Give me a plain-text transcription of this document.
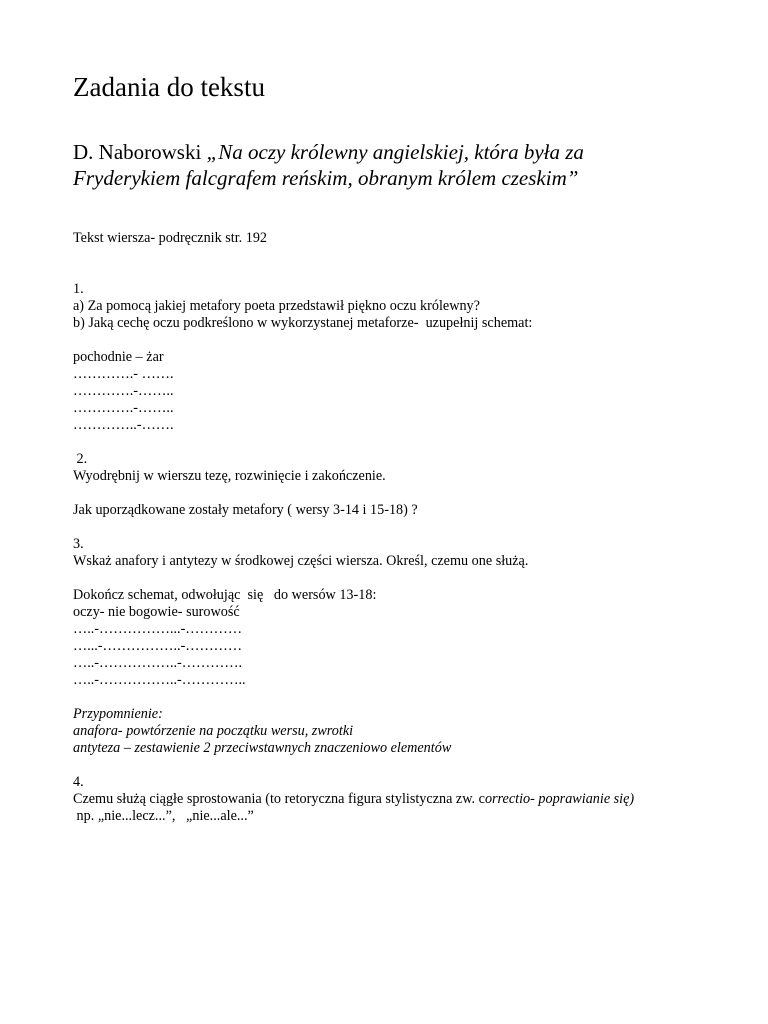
Zadania do tekstu
D. Naborowski „Na oczy królewny angielskiej, która była za
Fryderykiem falcgrafem reńskim, obranym królem czeskim”
Tekst wiersza- podręcznik str. 192
1.
a) Za pomocą jakiej metafory poeta przedstawił piękno oczu królewny?
b) Jaką cechę oczu podkreślono w wykorzystanej metaforze-  uzupełnij schemat:
pochodnie – żar
………….- …….
………….-……..
………….-……..
…………..-…….
2.
Wyodrębnij w wierszu tezę, rozwinięcie i zakończenie.
Jak uporządkowane zostały metafory ( wersy 3-14 i 15-18) ?
3.
Wskaż anafory i antytezy w środkowej części wiersza. Określ, czemu one służą.
Dokończ schemat, odwołując  się   do wersów 13-18:
oczy- nie bogowie- surowość
…..-……………...-…………
…...-……………..-…………
…..-……………..-………….
…..-……………..-…………..
Przypomnienie:
anafora- powtórzenie na początku wersu, zwrotki
antyteza – zestawienie 2 przeciwstawnych znaczeniowo elementów
4.
Czemu służą ciągłe sprostowania (to retoryczna figura stylistyczna zw. correctio- poprawianie się)
np. „nie...lecz...”,   „nie...ale...”
